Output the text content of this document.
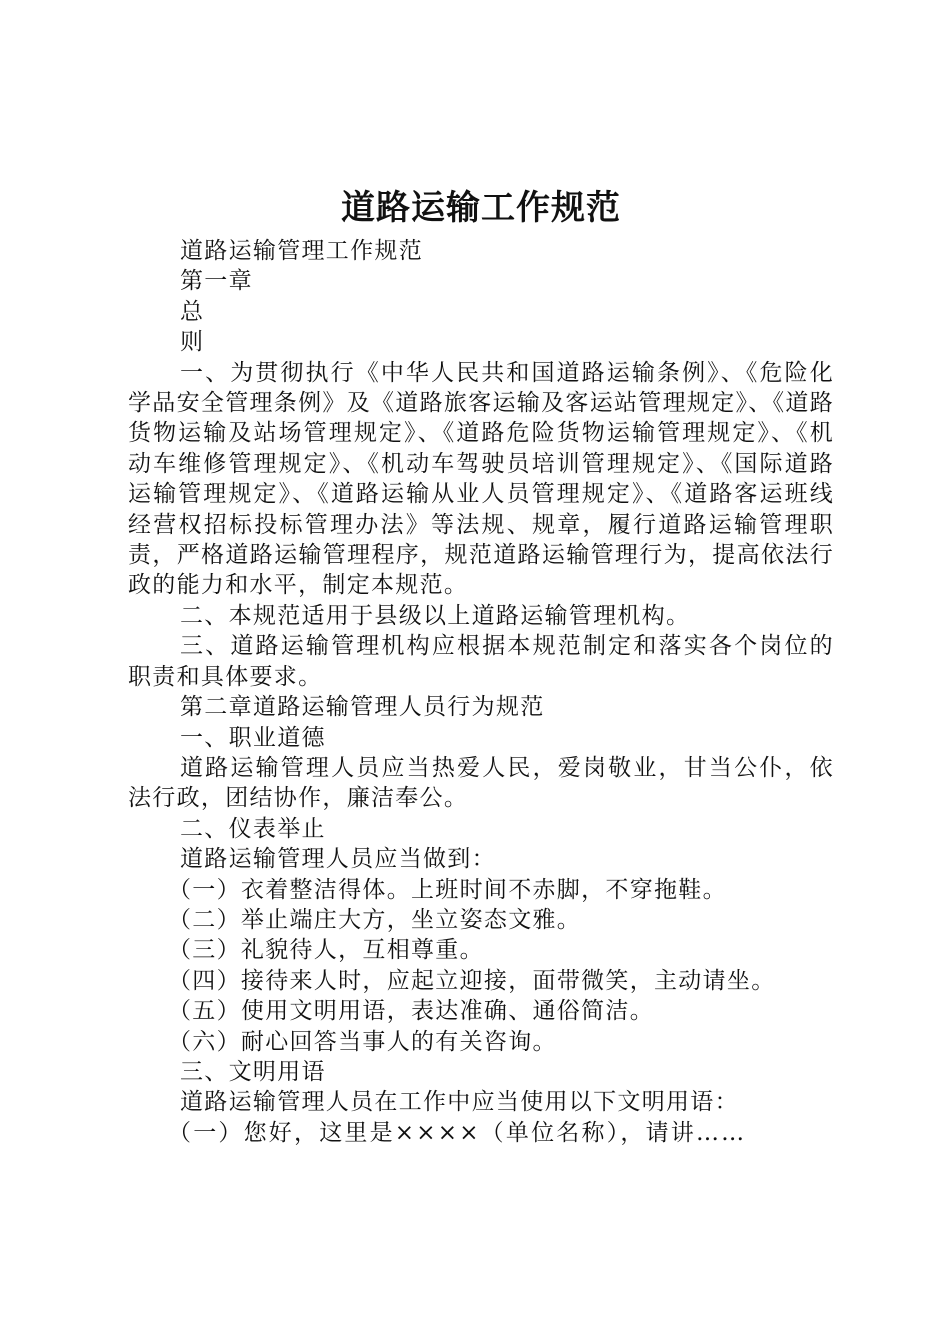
道路运输工作规范

道路运输管理工作规范

第一章

总

则

一、为贯彻执行《中华人民共和国道路运输条例》、《危险化学品安全管理条例》及《道路旅客运输及客运站管理规定》、《道路货物运输及站场管理规定》、《道路危险货物运输管理规定》、《机动车维修管理规定》、《机动车驾驶员培训管理规定》、《国际道路运输管理规定》、《道路运输从业人员管理规定》、《道路客运班线经营权招标投标管理办法》等法规、规章，履行道路运输管理职责，严格道路运输管理程序，规范道路运输管理行为，提高依法行政的能力和水平，制定本规范。

二、本规范适用于县级以上道路运输管理机构。

三、道路运输管理机构应根据本规范制定和落实各个岗位的职责和具体要求。

第二章道路运输管理人员行为规范

一、职业道德

道路运输管理人员应当热爱人民，爱岗敬业，甘当公仆，依法行政，团结协作，廉洁奉公。

二、仪表举止

道路运输管理人员应当做到：

（一）衣着整洁得体。上班时间不赤脚，不穿拖鞋。

（二）举止端庄大方，坐立姿态文雅。

（三）礼貌待人，互相尊重。

（四）接待来人时，应起立迎接，面带微笑，主动请坐。

（五）使用文明用语，表达准确、通俗简洁。

（六）耐心回答当事人的有关咨询。

三、文明用语

道路运输管理人员在工作中应当使用以下文明用语：

（一）您好，这里是××××（单位名称），请讲……
